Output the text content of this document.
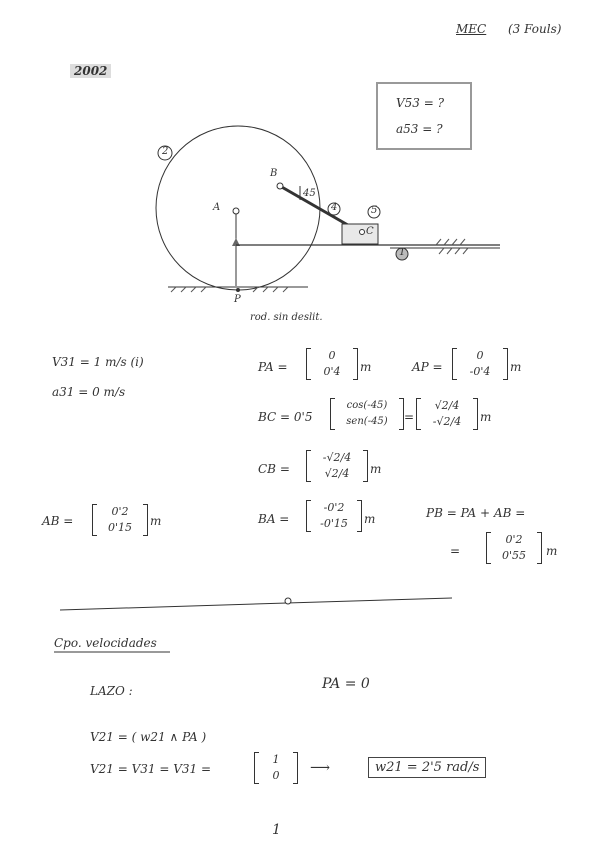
MEC (3 Fouls)
2002
V53 = ?
a53 = ?
A
B
C
P
45
2
4	5
1
rod. sin deslit.
V31 = 1 m/s (i)
a31 = 0 m/s
AB =
0'2
0'15 m
PA =
0
0'4 m	AP =
0
-0'4 m
BC = 0'5
cos(-45)
sen(-45) =
√2/4
-√2/4 m
CB =
-√2/4
√2/4 m
BA =
-0'2
-0'15 m	PB = PA + AB =
=
0'2
0'55 m
Cpo. velocidades
LAZO :	PA = 0
V21 = ( w21 ∧ PA )
V21 = V31 = V31 =
1
0 ⟶	w21 = 2'5 rad/s
1
